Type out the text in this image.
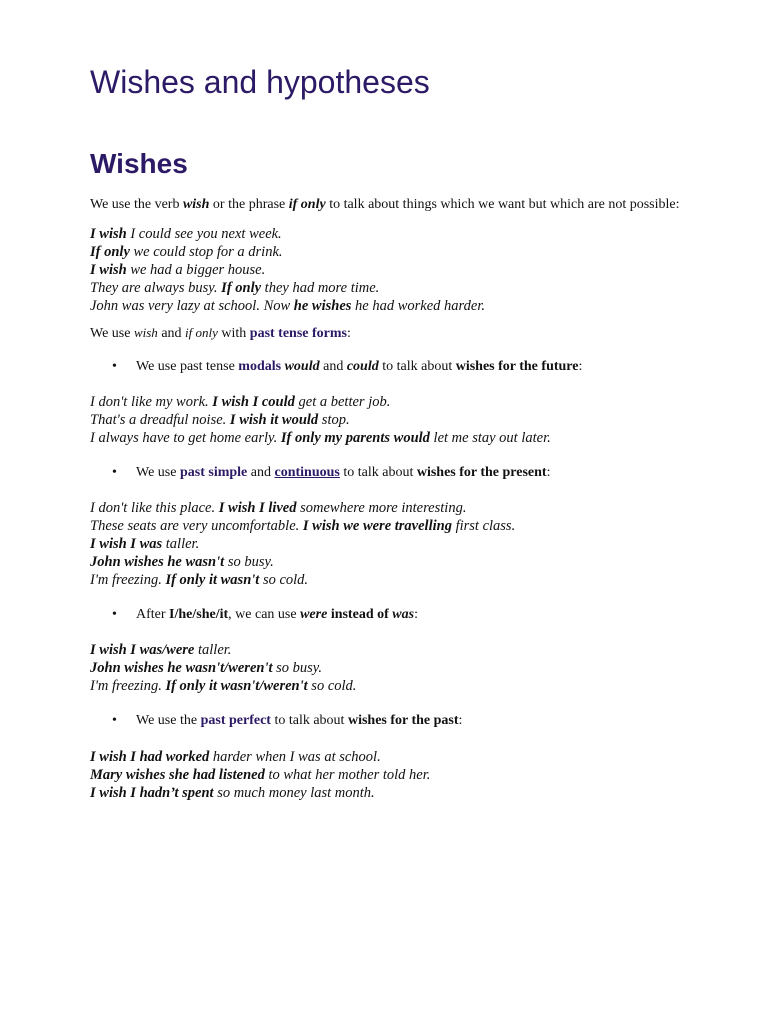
Wishes and hypotheses
Wishes

We use the verb wish or the phrase if only to talk about things which we want but which are not possible:

I wish I could see you next week.
If only we could stop for a drink.
I wish we had a bigger house.
They are always busy. If only they had more time.
John was very lazy at school. Now he wishes he had worked harder.

We use wish and if only with past tense forms:

• We use past tense modals would and could to talk about wishes for the future:
I don't like my work. I wish I could get a better job.
That's a dreadful noise. I wish it would stop.
I always have to get home early. If only my parents would let me stay out later.
• We use past simple and continuous to talk about wishes for the present:
I don't like this place. I wish I lived somewhere more interesting.
These seats are very uncomfortable. I wish we were travelling first class.
I wish I was taller.
John wishes he wasn't so busy.
I'm freezing. If only it wasn't so cold.
• After I/he/she/it, we can use were instead of was:
I wish I was/were taller.
John wishes he wasn't/weren't so busy.
I'm freezing. If only it wasn't/weren't so cold.
• We use the past perfect to talk about wishes for the past:
I wish I had worked harder when I was at school.
Mary wishes she had listened to what her mother told her.
I wish I hadn’t spent so much money last month.
